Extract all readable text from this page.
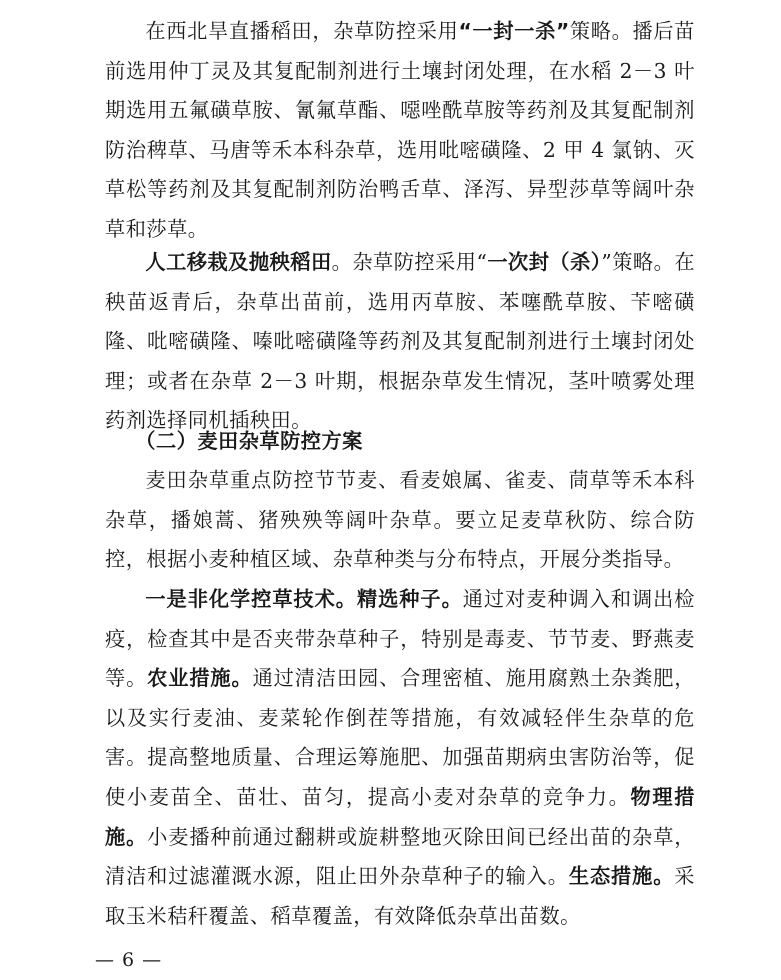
在西北旱直播稻田，杂草防控采用“一封一杀”策略。播后苗前选用仲丁灵及其复配制剂进行土壤封闭处理，在水稻 2－3 叶期选用五氟磺草胺、氰氟草酯、噁唑酰草胺等药剂及其复配制剂防治稗草、马唐等禾本科杂草，选用吡嘧磺隆、2 甲 4 氯钠、灭草松等药剂及其复配制剂防治鸭舌草、泽泻、异型莎草等阔叶杂草和莎草。

人工移栽及抛秧稻田。杂草防控采用“一次封（杀）”策略。在秧苗返青后，杂草出苗前，选用丙草胺、苯噻酰草胺、苄嘧磺隆、吡嘧磺隆、嗪吡嘧磺隆等药剂及其复配制剂进行土壤封闭处理；或者在杂草 2－3 叶期，根据杂草发生情况，茎叶喷雾处理药剂选择同机插秧田。

（二）麦田杂草防控方案

麦田杂草重点防控节节麦、看麦娘属、雀麦、茼草等禾本科杂草，播娘蒿、猪殃殃等阔叶杂草。要立足麦草秋防、综合防控，根据小麦种植区域、杂草种类与分布特点，开展分类指导。

一是非化学控草技术。精选种子。通过对麦种调入和调出检疫，检查其中是否夹带杂草种子，特别是毒麦、节节麦、野燕麦等。农业措施。通过清洁田园、合理密植、施用腐熟土杂粪肥，以及实行麦油、麦菜轮作倒茬等措施，有效减轻伴生杂草的危害。提高整地质量、合理运筹施肥、加强苗期病虫害防治等，促使小麦苗全、苗壮、苗匀，提高小麦对杂草的竞争力。物理措施。小麦播种前通过翻耕或旋耕整地灭除田间已经出苗的杂草，清洁和过滤灌溉水源，阻止田外杂草种子的输入。生态措施。采取玉米秸秆覆盖、稻草覆盖，有效降低杂草出苗数。

— 6 —
